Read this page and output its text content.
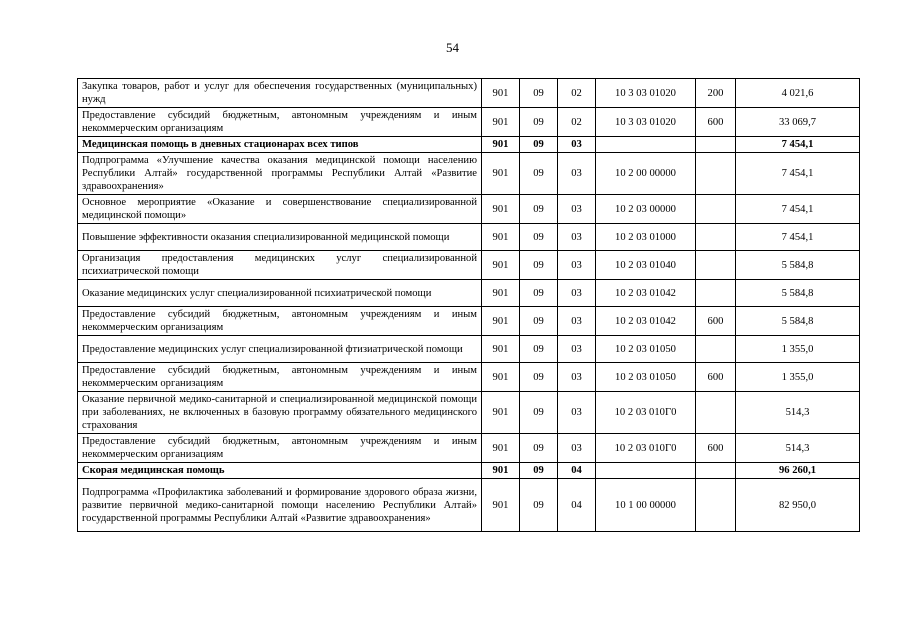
54
Закупка товаров, работ и услуг для обеспечения государственных (муниципальных) нужд	901	09	02	10 3 03 01020	200	4 021,6
Предоставление субсидий бюджетным, автономным учреждениям и иным некоммерческим организациям	901	09	02	10 3 03 01020	600	33 069,7
Медицинская помощь в дневных стационарах всех типов	901	09	03			7 454,1
Подпрограмма «Улучшение качества оказания медицинской помощи населению Республики Алтай» государственной программы Республики Алтай «Развитие здравоохранения»	901	09	03	10 2 00 00000		7 454,1
Основное мероприятие «Оказание и совершенствование специализированной медицинской помощи»	901	09	03	10 2 03 00000		7 454,1
Повышение эффективности оказания специализированной медицинской помощи	901	09	03	10 2 03 01000		7 454,1
Организация предоставления медицинских услуг специализированной психиатрической помощи	901	09	03	10 2 03 01040		5 584,8
Оказание медицинских услуг специализированной психиатрической помощи	901	09	03	10 2 03 01042		5 584,8
Предоставление субсидий бюджетным, автономным учреждениям и иным некоммерческим организациям	901	09	03	10 2 03 01042	600	5 584,8
Предоставление медицинских услуг специализированной фтизиатрической помощи	901	09	03	10 2 03 01050		1 355,0
Предоставление субсидий бюджетным, автономным учреждениям и иным некоммерческим организациям	901	09	03	10 2 03 01050	600	1 355,0
Оказание первичной медико-санитарной и специализированной медицинской помощи при заболеваниях, не включенных в базовую программу обязательного медицинского страхования	901	09	03	10 2 03 010Г0		514,3
Предоставление субсидий бюджетным, автономным учреждениям и иным некоммерческим организациям	901	09	03	10 2 03 010Г0	600	514,3
Скорая медицинская помощь	901	09	04			96 260,1
Подпрограмма «Профилактика заболеваний и формирование здорового образа жизни, развитие первичной медико-санитарной помощи населению Республики Алтай» государственной программы Республики Алтай «Развитие здравоохранения»	901	09	04	10 1 00 00000		82 950,0
